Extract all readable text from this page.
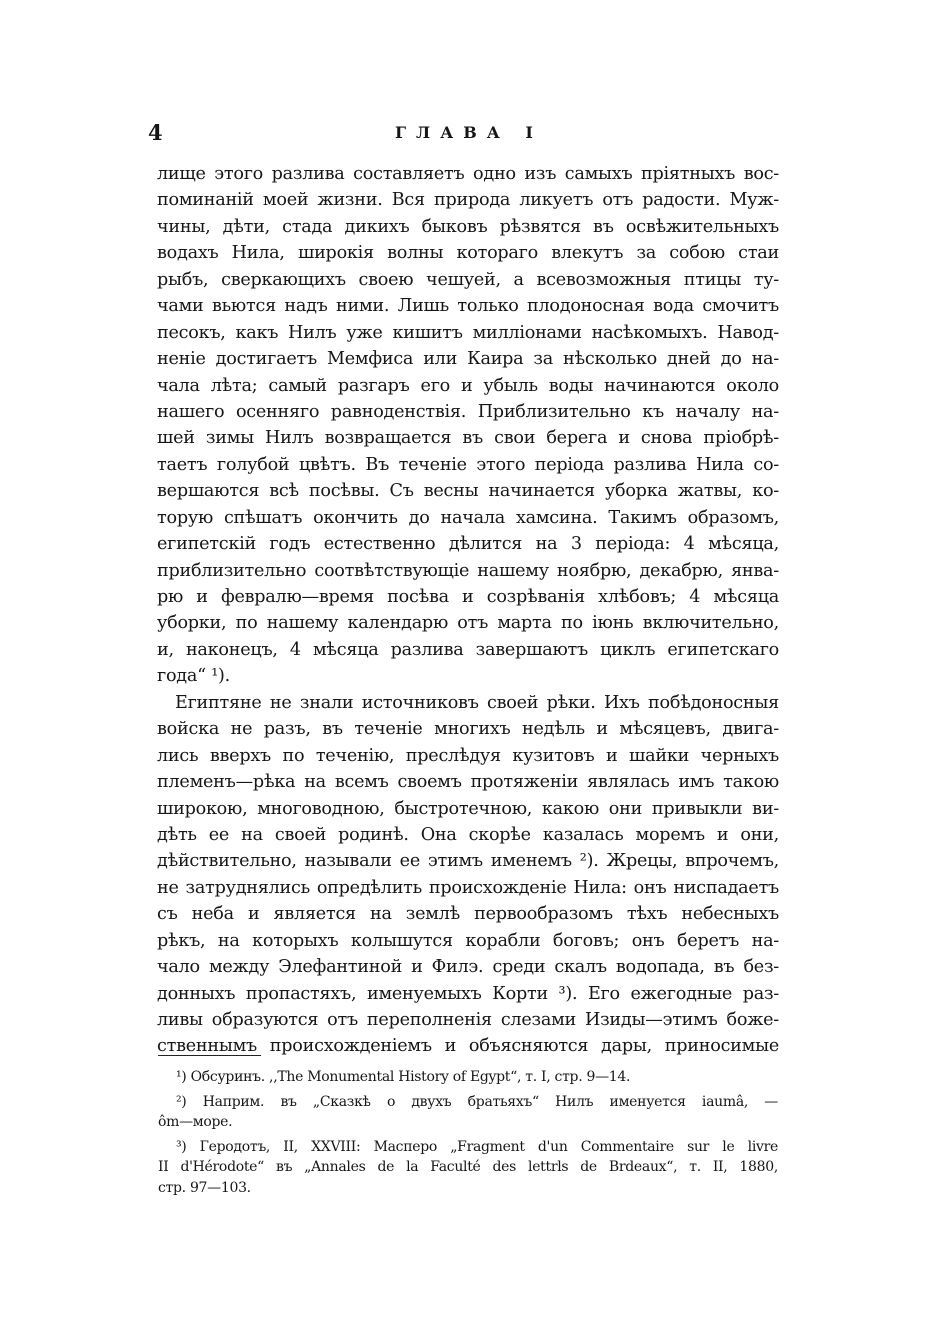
4	ГЛАВА I
лище этого разлива составляетъ одно изъ самыхъ пріятныхъ вос-
поминаній моей жизни. Вся природа ликуетъ отъ радости. Муж-
чины, дѣти, стада дикихъ быковъ рѣзвятся въ освѣжительныхъ
водахъ Нила, широкія волны котораго влекутъ за собою стаи
рыбъ, сверкающихъ своею чешуей, а всевозможныя птицы ту-
чами вьются надъ ними. Лишь только плодоносная вода смочитъ
песокъ, какъ Нилъ уже кишитъ милліонами насѣкомыхъ. Навод-
неніе достигаетъ Мемфиса или Каира за нѣсколько дней до на-
чала лѣта; самый разгаръ его и убыль воды начинаются около
нашего осенняго равноденствія. Приблизительно къ началу на-
шей зимы Нилъ возвращается въ свои берега и снова пріобрѣ-
таетъ голубой цвѣтъ. Въ теченіе этого періода разлива Нила со-
вершаются всѣ посѣвы. Съ весны начинается уборка жатвы, ко-
торую спѣшатъ окончить до начала хамсина. Такимъ образомъ,
египетскій годъ естественно дѣлится на 3 періода: 4 мѣсяца,
приблизительно соотвѣтствующіе нашему ноябрю, декабрю, янва-
рю и февралю—время посѣва и созрѣванія хлѣбовъ; 4 мѣсяца
уборки, по нашему календарю отъ марта по іюнь включительно,
и, наконецъ, 4 мѣсяца разлива завершаютъ циклъ египетскаго
года“ ¹).
Египтяне не знали источниковъ своей рѣки. Ихъ побѣдоносныя
войска не разъ, въ теченіе многихъ недѣль и мѣсяцевъ, двига-
лись вверхъ по теченію, преслѣдуя кузитовъ и шайки черныхъ
племенъ—рѣка на всемъ своемъ протяженіи являлась имъ такою
широкою, многоводною, быстротечною, какою они привыкли ви-
дѣть ее на своей родинѣ. Она скорѣе казалась моремъ и они,
дѣйствительно, называли ее этимъ именемъ ²). Жрецы, впрочемъ,
не затруднялись опредѣлить происхожденіе Нила: онъ ниспадаетъ
съ неба и является на землѣ первообразомъ тѣхъ небесныхъ
рѣкъ, на которыхъ колышутся корабли боговъ; онъ беретъ на-
чало между Элефантиной и Филэ. среди скалъ водопада, въ без-
донныхъ пропастяхъ, именуемыхъ Корти ³). Его ежегодные раз-
ливы образуются отъ переполненія слезами Изиды—этимъ боже-
ственнымъ происхожденіемъ и объясняются дары, приносимые
¹) Обсуринъ. ,,The Monumental History of Egypt“, т. I, стр. 9—14.
²) Наприм. въ „Сказкѣ о двухъ братьяхъ“ Нилъ именуется iaumâ, —
ôm—море.
³) Геродотъ, II, XXVIII: Масперо „Fragment d'un Commentaire sur le livre
II d'Hérodote“ въ „Annales de la Faculté des lettrls de Brdeaux“, т. II, 1880,
стр. 97—103.
